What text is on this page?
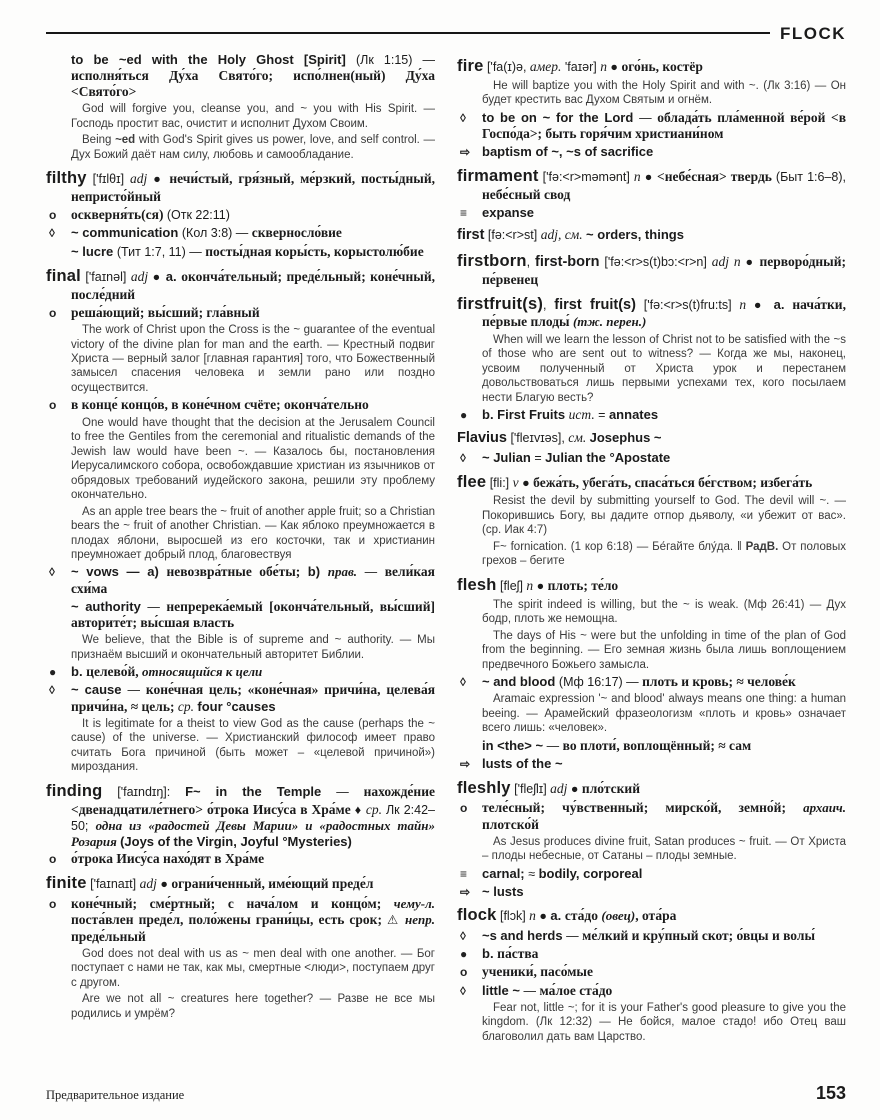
FLOCK

to be ~ed with the Holy Ghost [Spirit] (Лк 1:15) — исполня́ться Ду́ха Свято́го; испо́лнен(ный) Ду́ха <Свято́го>

God will forgive you, cleanse you, and ~ you with His Spirit. — Господь простит вас, очистит и исполнит Духом Своим.

Being ~ed with God's Spirit gives us power, love, and self control. — Дух Божий даёт нам силу, любовь и самообладание.

filthy ['fɪlθɪ] adj ● нечи́стый, гря́зный, ме́рзкий, посты́дный, непристо́йный

o оскверня́ть(ся) (Отк 22:11)

◊ ~ communication (Кол 3:8) — скверносло́вие

~ lucre (Тит 1:7, 11) — посты́дная коры́сть, корыстолю́бие

final ['faɪnəl] adj ● a. оконча́тельный; преде́льный; коне́чный, после́дний

o реша́ющий; вы́сший; гла́вный

The work of Christ upon the Cross is the ~ guarantee of the eventual victory of the divine plan for man and the earth. — Крестный подвиг Христа — верный залог [главная гарантия] того, что Божественный замысел спасения человека и земли рано или поздно осуществится.

o в конце́ концо́в, в коне́чном счёте; оконча́тельно

One would have thought that the decision at the Jerusalem Council to free the Gentiles from the ceremonial and ritualistic demands of the Jewish law would have been ~. — Казалось бы, постановления Иерусалимского собора, освобождавшие христиан из язычников от обрядовых требований иудейского закона, решили эту проблему окончательно.

As an apple tree bears the ~ fruit of another apple fruit; so a Christian bears the ~ fruit of another Christian. — Как яблоко преумножается в плодах яблони, выросшей из его косточки, так и христианин преумножает добрый плод, благовествуя

◊ ~ vows — a) невозвра́тные обе́ты; b) прав. — вели́кая схи́ма

~ authority — непререка́емый [оконча́тельный, вы́сший] авторите́т; вы́сшая власть

We believe, that the Bible is of supreme and ~ authority. — Мы признаём высший и окончательный авторитет Библии.

● b. целево́й, относящийся к цели

◊ ~ cause — коне́чная цель; «коне́чная» причи́на, целева́я причи́на, ≈ цель; ср. four °causes

It is legitimate for a theist to view God as the cause (perhaps the ~ cause) of the universe. — Христианский философ имеет право считать Бога причиной (быть может – «целевой причиной») мироздания.

finding ['faɪndɪŋ]: F~ in the Temple — нахожде́ние <двенадцатиле́тнего> о́трока Иису́са в Хра́ме ♦ ср. Лк 2:42–50; одна из «радостей Девы Марии» и «радостных тайн» Розария (Joys of the Virgin, Joyful °Mysteries)

o о́трока Иису́са нахо́дят в Хра́ме

finite ['faɪnaɪt] adj ● ограни́ченный, име́ющий преде́л

o коне́чный; сме́ртный; с нача́лом и концо́м; чему-л. поста́влен преде́л, поло́жены грани́цы, есть срок; ⚠ непр. преде́льный

God does not deal with us as ~ men deal with one another. — Бог поступает с нами не так, как мы, смертные <люди>, поступаем друг с другом.

Are we not all ~ creatures here together? — Разве не все мы родились и умрём?

fire ['fa(ɪ)ə, амер. 'faɪər] n ● ого́нь, костёр

He will baptize you with the Holy Spirit and with ~. (Лк 3:16) — Он будет крестить вас Духом Святым и огнём.

◊ to be on ~ for the Lord — облада́ть пла́менной ве́рой <в Госпо́да>; быть горя́чим христиани́ном

⇨ baptism of ~, ~s of sacrifice

firmament ['fə:<r>məmənt] n ● <небе́сная> твердь (Быт 1:6–8), небе́сный свод

≡ expanse

first [fə:<r>st] adj, см. ~ orders, things

firstborn, first-born ['fə:<r>s(t)bɔ:<r>n] adj n ● перворо́дный; пе́рвенец

firstfruit(s), first fruit(s) ['fə:<r>s(t)fru:ts] n ● a. нача́тки, пе́рвые плоды́ (тж. перен.)

When will we learn the lesson of Christ not to be satisfied with the ~s of those who are sent out to witness? — Когда же мы, наконец, усвоим полученный от Христа урок и перестанем довольствоваться лишь первыми успехами тех, кого посылаем нести Благую весть?

● b. First Fruits ист. = annates

Flavius ['fleɪvɪəs], см. Josephus ~

◊ ~ Julian = Julian the °Apostate

flee [fli:] v ● бежа́ть, убега́ть, спаса́ться бе́гством; избега́ть

Resist the devil by submitting yourself to God. The devil will ~. — Покорившись Богу, вы дадите отпор дьяволу, «и убежит от вас». (ср. Иак 4:7)

F~ fornication. (1 кор 6:18) — Бе́гайте блу́да. ‖ РадВ. От половых грехов – бегите

flesh [fleʃ] n ● плоть; те́ло

The spirit indeed is willing, but the ~ is weak. (Мф 26:41) — Дух бодр, плоть же немощна.

The days of His ~ were but the unfolding in time of the plan of God from the beginning. — Его земная жизнь была лишь воплощением предвечного Божьего замысла.

◊ ~ and blood (Мф 16:17) — плоть и кровь; ≈ челове́к

Aramaic expression '~ and blood' always means one thing: a human beeing. — Арамейский фразеологизм «плоть и кровь» означает всего лишь: «человек».

in <the> ~ — во плоти́, воплощённый; ≈ сам

⇨ lusts of the ~

fleshly ['fleʃlɪ] adj ● пло́тский

o теле́сный; чу́вственный; мирско́й, земно́й; архаич. плотско́й

As Jesus produces divine fruit, Satan produces ~ fruit. — От Христа – плоды небесные, от Сатаны – плоды земные.

≡ carnal; ≈ bodily, corporeal

⇨ ~ lusts

flock [flɔk] n ● a. ста́до (овец), ота́ра

◊ ~s and herds — ме́лкий и кру́пный скот; о́вцы и волы́

● b. па́ства

o ученики́, пасо́мые

◊ little ~ — ма́лое ста́до

Fear not, little ~; for it is your Father's good pleasure to give you the kingdom. (Лк 12:32) — Не бойся, малое стадо! ибо Отец ваш благоволил дать вам Царство.

Предварительное издание	153
